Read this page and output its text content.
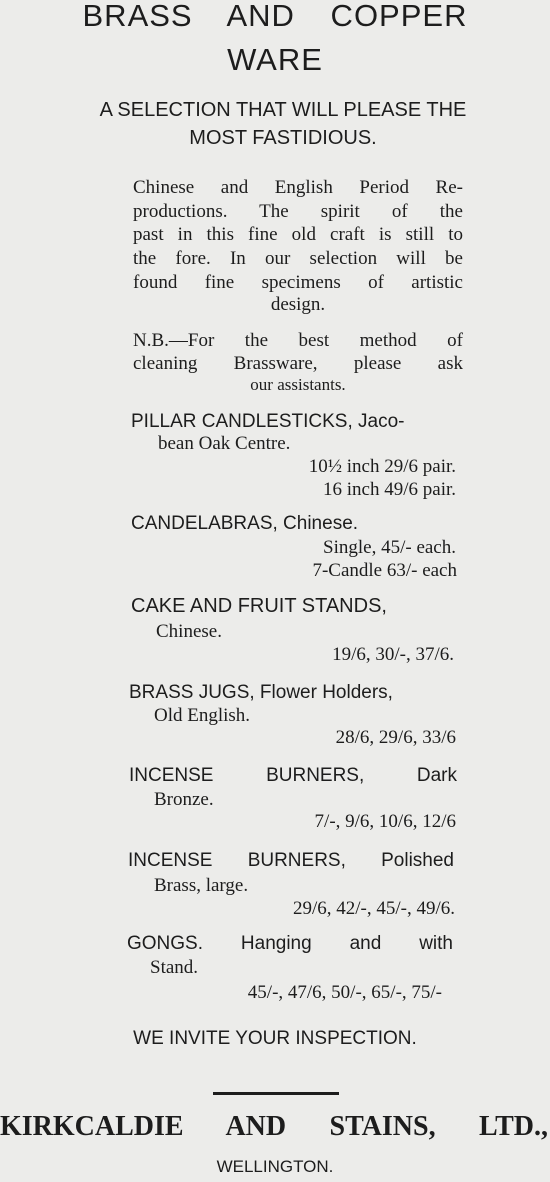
BRASS AND COPPER
WARE
A SELECTION THAT WILL PLEASE THE
MOST FASTIDIOUS.
Chinese and English Period Re-
productions. The spirit of the
past in this fine old craft is still to
the fore. In our selection will be
found fine specimens of artistic
design.
N.B.—For the best method of
cleaning Brassware, please ask
our assistants.
PILLAR CANDLESTICKS, Jaco-
bean Oak Centre.
10½ inch 29/6 pair.
16 inch 49/6 pair.
CANDELABRAS, Chinese.
Single, 45/- each.
7-Candle 63/- each
CAKE AND FRUIT STANDS,
Chinese.
19/6, 30/-, 37/6.
BRASS JUGS, Flower Holders,
Old English.
28/6, 29/6, 33/6
INCENSE BURNERS, Dark
Bronze.
7/-, 9/6, 10/6, 12/6
INCENSE BURNERS, Polished
Brass, large.
29/6, 42/-, 45/-, 49/6.
GONGS. Hanging and with
Stand.
45/-, 47/6, 50/-, 65/-, 75/-
WE INVITE YOUR INSPECTION.
KIRKCALDIE AND STAINS, LTD.,
WELLINGTON.
